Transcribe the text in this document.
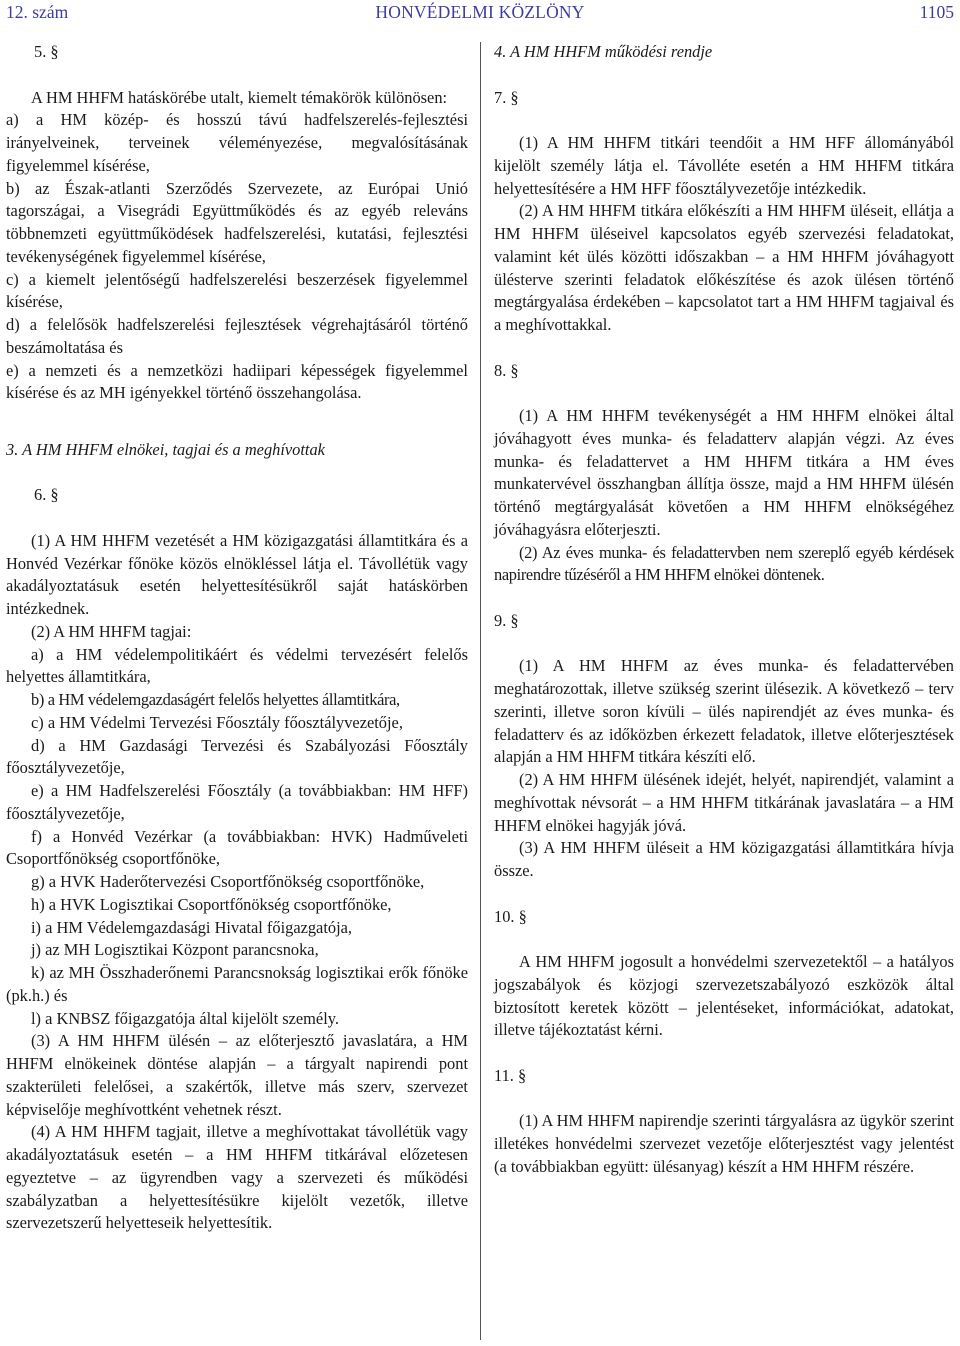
12. szám	HONVÉDELMI KÖZLÖNY	1105

5. §

A HM HHFM hatáskörébe utalt, kiemelt témakörök különösen:

a) a HM közép- és hosszú távú hadfelszerelés-fejlesztési irányelveinek, terveinek véleményezése, megvalósításának figyelemmel kísérése,

b) az Észak-atlanti Szerződés Szervezete, az Európai Unió tagországai, a Visegrádi Együttműködés és az egyéb releváns többnemzeti együttműködések hadfelszerelési, kutatási, fejlesztési tevékenységének figyelemmel kísérése,

c) a kiemelt jelentőségű hadfelszerelési beszerzések figyelemmel kísérése,

d) a felelősök hadfelszerelési fejlesztések végrehajtásáról történő beszámoltatása és

e) a nemzeti és a nemzetközi hadiipari képességek figyelemmel kísérése és az MH igényekkel történő összehangolása.

3. A HM HHFM elnökei, tagjai és a meghívottak

6. §

(1) A HM HHFM vezetését a HM közigazgatási államtitkára és a Honvéd Vezérkar főnöke közös elnökléssel látja el. Távollétük vagy akadályoztatásuk esetén helyettesítésükről saját hatáskörben intézkednek.

(2) A HM HHFM tagjai:

a) a HM védelempolitikáért és védelmi tervezésért felelős helyettes államtitkára,

b) a HM védelemgazdaságért felelős helyettes államtitkára,

c) a HM Védelmi Tervezési Főosztály főosztályvezetője,

d) a HM Gazdasági Tervezési és Szabályozási Főosztály főosztályvezetője,

e) a HM Hadfelszerelési Főosztály (a továbbiakban: HM HFF) főosztályvezetője,

f) a Honvéd Vezérkar (a továbbiakban: HVK) Hadműveleti Csoportfőnökség csoportfőnöke,

g) a HVK Haderőtervezési Csoportfőnökség csoportfőnöke,

h) a HVK Logisztikai Csoportfőnökség csoportfőnöke,

i) a HM Védelemgazdasági Hivatal főigazgatója,

j) az MH Logisztikai Központ parancsnoka,

k) az MH Összhaderőnemi Parancsnokság logisztikai erők főnöke (pk.h.) és

l) a KNBSZ főigazgatója által kijelölt személy.

(3) A HM HHFM ülésén – az előterjesztő javaslatára, a HM HHFM elnökeinek döntése alapján – a tárgyalt napirendi pont szakterületi felelősei, a szakértők, illetve más szerv, szervezet képviselője meghívottként vehetnek részt.

(4) A HM HHFM tagjait, illetve a meghívottakat távollétük vagy akadályoztatásuk esetén – a HM HHFM titkárával előzetesen egyeztetve – az ügyrendben vagy a szervezeti és működési szabályzatban a helyettesítésükre kijelölt vezetők, illetve szervezetszerű helyetteseik helyettesítik.

4. A HM HHFM működési rendje

7. §

(1) A HM HHFM titkári teendőit a HM HFF állományából kijelölt személy látja el. Távolléte esetén a HM HHFM titkára helyettesítésére a HM HFF főosztályvezetője intézkedik.

(2) A HM HHFM titkára előkészíti a HM HHFM üléseit, ellátja a HM HHFM üléseivel kapcsolatos egyéb szervezési feladatokat, valamint két ülés közötti időszakban – a HM HHFM jóváhagyott ülésterve szerinti feladatok előkészítése és azok ülésen történő megtárgyalása érdekében – kapcsolatot tart a HM HHFM tagjaival és a meghívottakkal.

8. §

(1) A HM HHFM tevékenységét a HM HHFM elnökei által jóváhagyott éves munka- és feladatterv alapján végzi. Az éves munka- és feladattervet a HM HHFM titkára a HM éves munkatervével összhangban állítja össze, majd a HM HHFM ülésén történő megtárgyalását követően a HM HHFM elnökségéhez jóváhagyásra előterjeszti.

(2) Az éves munka- és feladattervben nem szereplő egyéb kérdések napirendre tűzéséről a HM HHFM elnökei döntenek.

9. §

(1) A HM HHFM az éves munka- és feladattervében meghatározottak, illetve szükség szerint ülésezik. A következő – terv szerinti, illetve soron kívüli – ülés napirendjét az éves munka- és feladatterv és az időközben érkezett feladatok, illetve előterjesztések alapján a HM HHFM titkára készíti elő.

(2) A HM HHFM ülésének idejét, helyét, napirendjét, valamint a meghívottak névsorát – a HM HHFM titkárának javaslatára – a HM HHFM elnökei hagyják jóvá.

(3) A HM HHFM üléseit a HM közigazgatási államtitkára hívja össze.

10. §

A HM HHFM jogosult a honvédelmi szervezetektől – a hatályos jogszabályok és közjogi szervezetszabályozó eszközök által biztosított keretek között – jelentéseket, információkat, adatokat, illetve tájékoztatást kérni.

11. §

(1) A HM HHFM napirendje szerinti tárgyalásra az ügykör szerint illetékes honvédelmi szervezet vezetője előterjesztést vagy jelentést (a továbbiakban együtt: ülésanyag) készít a HM HHFM részére.
